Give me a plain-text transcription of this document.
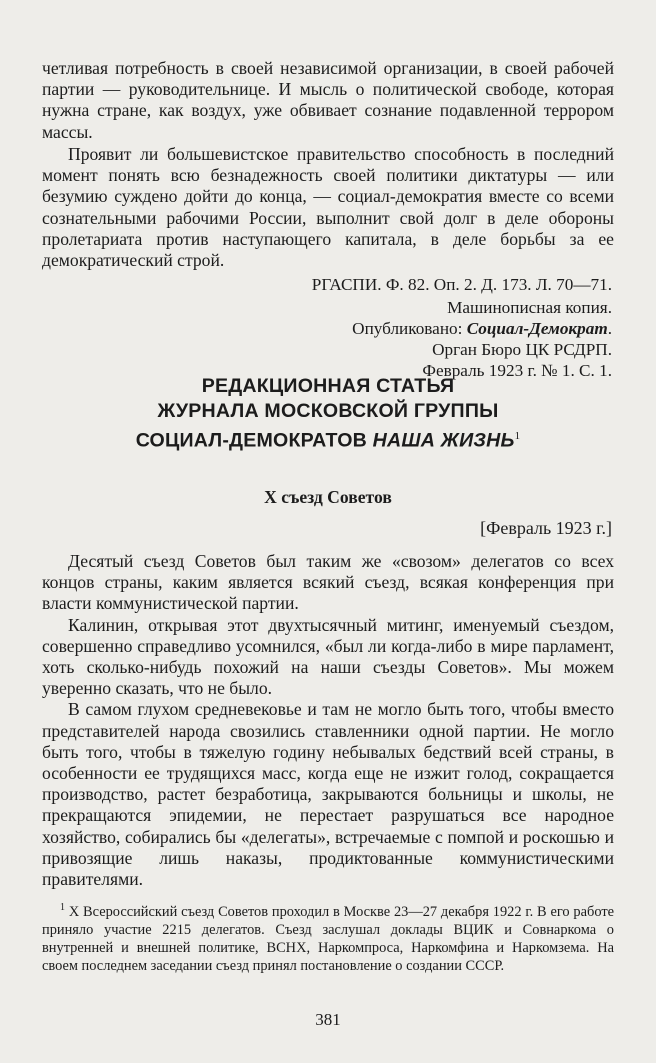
четливая потребность в своей независимой организации, в своей рабочей партии — руководительнице. И мысль о политической свободе, которая нужна стране, как воздух, уже обвивает сознание подавленной террором массы.

Проявит ли большевистское правительство способность в последний момент понять всю безнадежность своей политики диктатуры — или безумию суждено дойти до конца, — социал-демократия вместе со всеми сознательными рабочими России, выполнит свой долг в деле обороны пролетариата против наступающего капитала, в деле борьбы за ее демократический строй.

РГАСПИ. Ф. 82. Оп. 2. Д. 173. Л. 70—71.
Машинописная копия.
Опубликовано: Социал-Демократ.
Орган Бюро ЦК РСДРП.
Февраль 1923 г. № 1. С. 1.
РЕДАКЦИОННАЯ СТАТЬЯ
ЖУРНАЛА МОСКОВСКОЙ ГРУППЫ
СОЦИАЛ-ДЕМОКРАТОВ НАША ЖИЗНЬ$^1$
X съезд Советов
[Февраль 1923 г.]

Десятый съезд Советов был таким же «свозом» делегатов со всех концов страны, каким является всякий съезд, всякая конференция при власти коммунистической партии.

Калинин, открывая этот двухтысячный митинг, именуемый съездом, совершенно справедливо усомнился, «был ли когда-либо в мире парламент, хоть сколько-нибудь похожий на наши съезды Советов». Мы можем уверенно сказать, что не было.

В самом глухом средневековье и там не могло быть того, чтобы вместо представителей народа свозились ставленники одной партии. Не могло быть того, чтобы в тяжелую годину небывалых бедствий всей страны, в особенности ее трудящихся масс, когда еще не изжит голод, сокращается производство, растет безработица, закрываются больницы и школы, не прекращаются эпидемии, не перестает разрушаться все народное хозяйство, собирались бы «делегаты», встречаемые с помпой и роскошью и привозящие лишь наказы, продиктованные коммунистическими правителями.

$^1$ X Всероссийский съезд Советов проходил в Москве 23—27 декабря 1922 г. В его работе приняло участие 2215 делегатов. Съезд заслушал доклады ВЦИК и Совнаркома о внутренней и внешней политике, ВСНХ, Наркомпроса, Наркомфина и Наркомзема. На своем последнем заседании съезд принял постановление о создании СССР.

381
